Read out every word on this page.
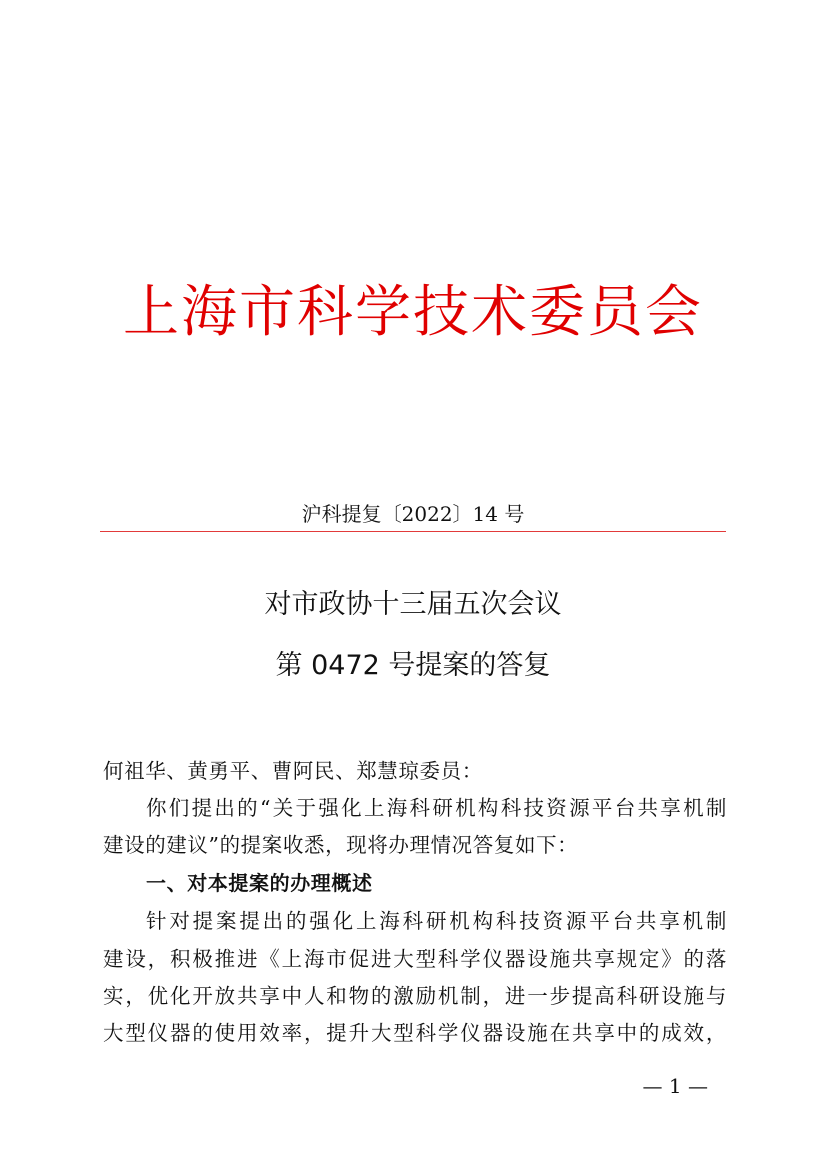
上海市科学技术委员会
沪科提复〔2022〕14 号
对市政协十三届五次会议
第 0472 号提案的答复
何祖华、黄勇平、曹阿民、郑慧琼委员：
你们提出的“关于强化上海科研机构科技资源平台共享机制
建设的建议”的提案收悉，现将办理情况答复如下：
一、对本提案的办理概述
针对提案提出的强化上海科研机构科技资源平台共享机制
建设，积极推进《上海市促进大型科学仪器设施共享规定》的落
实，优化开放共享中人和物的激励机制，进一步提高科研设施与
大型仪器的使用效率，提升大型科学仪器设施在共享中的成效，
— 1 —
